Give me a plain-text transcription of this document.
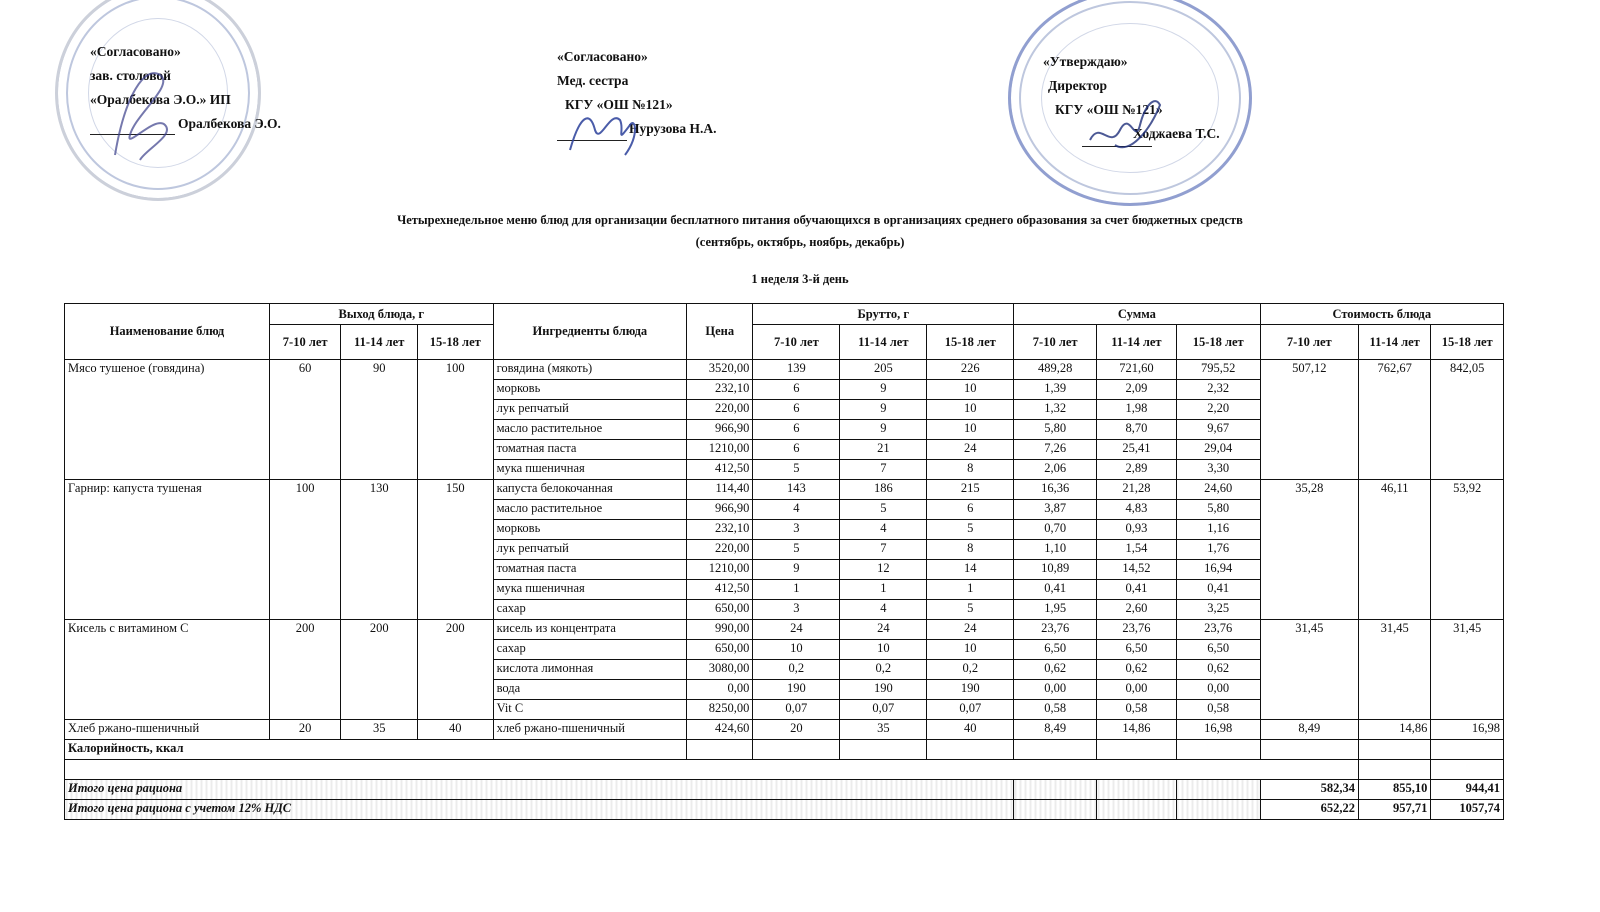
«Согласовано»
зав. столовой
«Оралбекова Э.О.» ИП
Оралбекова Э.О.
«Согласовано»
Мед. сестра
КГУ «ОШ №121»
Нурузова Н.А.
«Утверждаю»
Директор
КГУ «ОШ №121»
Ходжаева Т.С.
Четырехнедельное меню блюд для организации бесплатного питания обучающихся в организациях среднего образования за счет бюджетных средств
(сентябрь, октябрь, ноябрь, декабрь)
1 неделя 3-й день
Наименование блюд	Выход блюда, г			Ингредиенты блюда	Цена	Брутто, г			Сумма			Стоимость блюда		
	7-10 лет	11-14 лет	15-18 лет			7-10 лет	11-14 лет	15-18 лет	7-10 лет	11-14 лет	15-18 лет	7-10 лет	11-14 лет	15-18 лет
Мясо тушеное (говядина)	60	90	100	говядина (мякоть)	3520,00	139	205	226	489,28	721,60	795,52	507,12	762,67	842,05
				морковь	232,10	6	9	10	1,39	2,09	2,32			
				лук репчатый	220,00	6	9	10	1,32	1,98	2,20			
				масло растительное	966,90	6	9	10	5,80	8,70	9,67			
				томатная паста	1210,00	6	21	24	7,26	25,41	29,04			
				мука пшеничная	412,50	5	7	8	2,06	2,89	3,30			
Гарнир: капуста тушеная	100	130	150	капуста белокочанная	114,40	143	186	215	16,36	21,28	24,60	35,28	46,11	53,92
				масло растительное	966,90	4	5	6	3,87	4,83	5,80			
				морковь	232,10	3	4	5	0,70	0,93	1,16			
				лук репчатый	220,00	5	7	8	1,10	1,54	1,76			
				томатная паста	1210,00	9	12	14	10,89	14,52	16,94			
				мука пшеничная	412,50	1	1	1	0,41	0,41	0,41			
				сахар	650,00	3	4	5	1,95	2,60	3,25			
Кисель с витамином С	200	200	200	кисель из концентрата	990,00	24	24	24	23,76	23,76	23,76	31,45	31,45	31,45
				сахар	650,00	10	10	10	6,50	6,50	6,50			
				кислота лимонная	3080,00	0,2	0,2	0,2	0,62	0,62	0,62			
				вода	0,00	190	190	190	0,00	0,00	0,00			
				Vit C	8250,00	0,07	0,07	0,07	0,58	0,58	0,58			
Хлеб ржано-пшеничный	20	35	40	хлеб ржано-пшеничный	424,60	20	35	40	8,49	14,86	16,98	8,49	14,86	16,98
Калорийность, ккал														

Итого цена рациона												582,34	855,10	944,41
Итого цена рациона с учетом 12% НДС												652,22	957,71	1057,74
